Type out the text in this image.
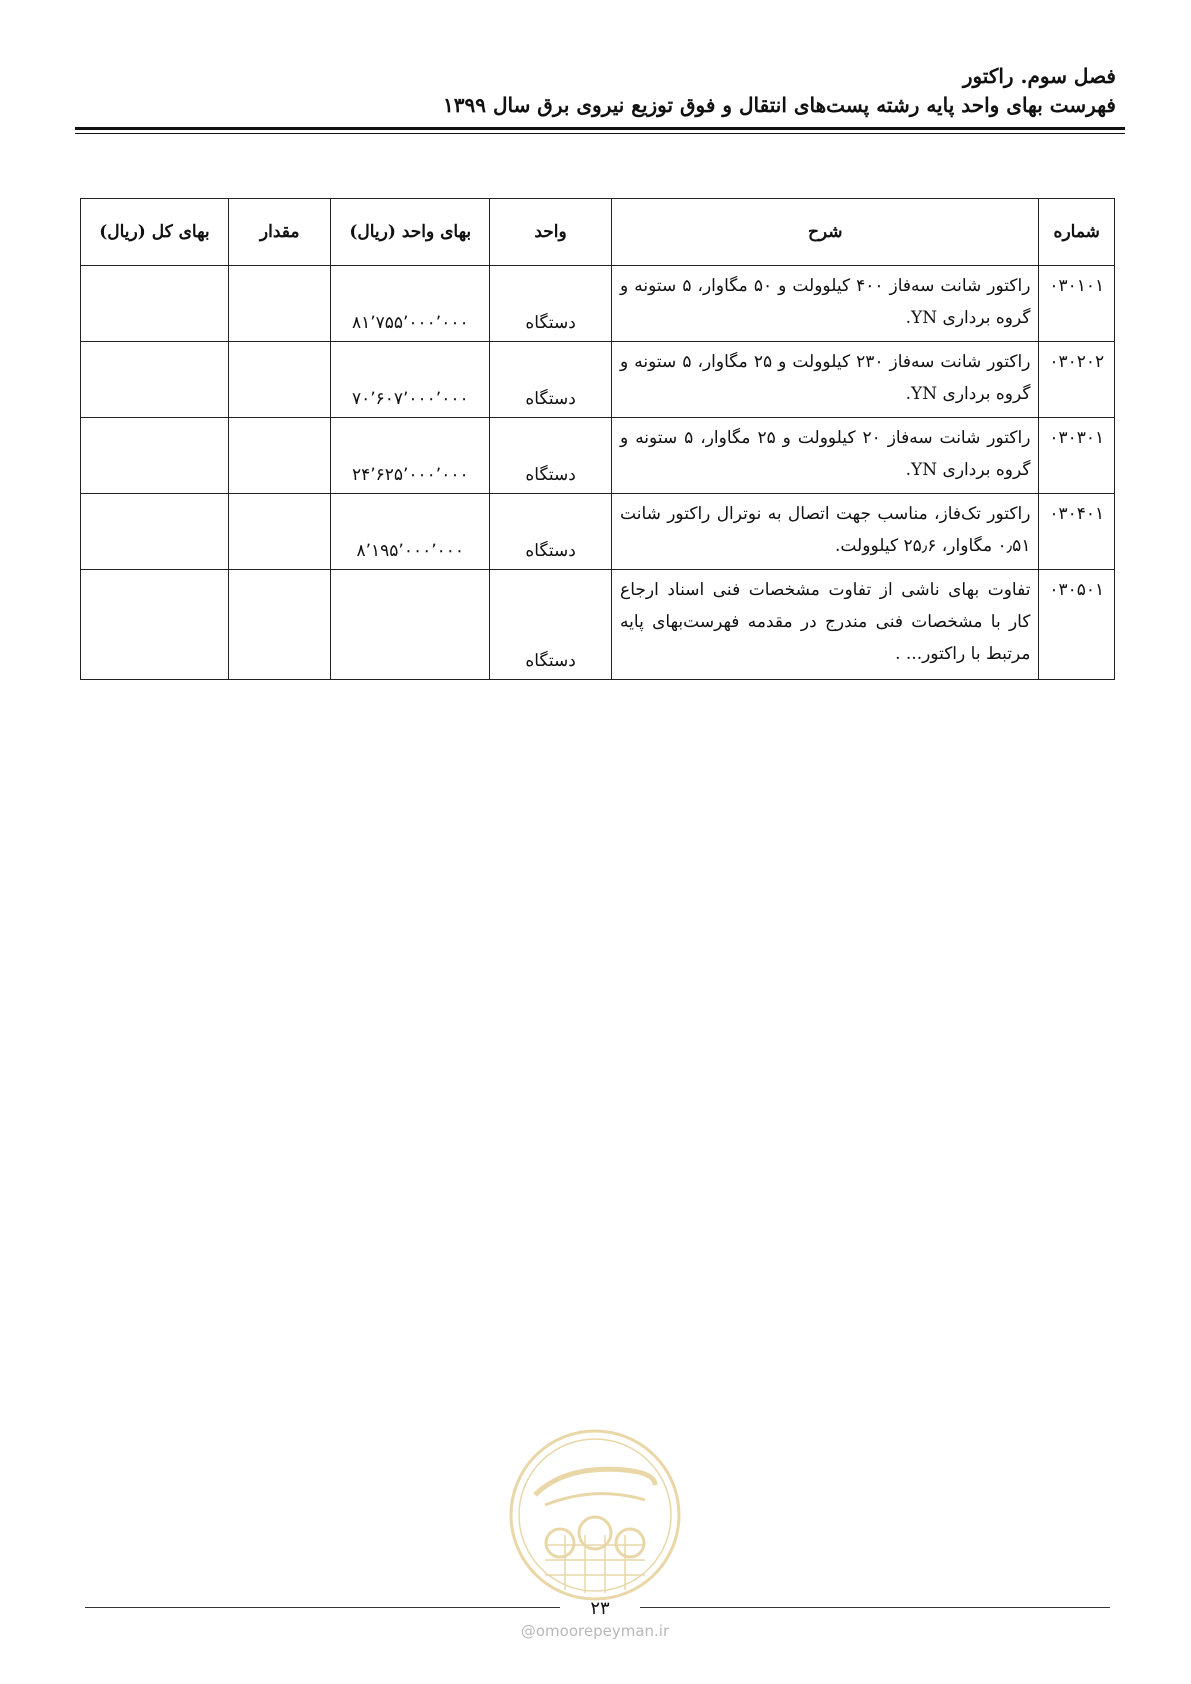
فصل سوم. راکتور
فهرست بهای واحد پایه رشته پست‌های انتقال و فوق توزیع نیروی برق سال ۱۳۹۹
شماره	شرح	واحد	بهای واحد (ریال)	مقدار	بهای کل (ریال)
۰۳۰۱۰۱	راکتور شانت سه‌فاز ۴۰۰ کیلوولت و ۵۰ مگاوار، ۵ ستونه و گروه برداری YN.	دستگاه	۸۱٬۷۵۵٬۰۰۰٬۰۰۰		
۰۳۰۲۰۲	راکتور شانت سه‌فاز ۲۳۰ کیلوولت و ۲۵ مگاوار، ۵ ستونه و گروه برداری YN.	دستگاه	۷۰٬۶۰۷٬۰۰۰٬۰۰۰		
۰۳۰۳۰۱	راکتور شانت سه‌فاز ۲۰ کیلوولت و ۲۵ مگاوار، ۵ ستونه و گروه برداری YN.	دستگاه	۲۴٬۶۲۵٬۰۰۰٬۰۰۰		
۰۳۰۴۰۱	راکتور تک‌فاز، مناسب جهت اتصال به نوترال راکتور شانت ۰٫۵۱ مگاوار، ۲۵٫۶ کیلوولت.	دستگاه	۸٬۱۹۵٬۰۰۰٬۰۰۰		
۰۳۰۵۰۱	تفاوت بهای ناشی از تفاوت مشخصات فنی اسناد ارجاع کار با مشخصات فنی مندرج در مقدمه فهرست‌بهای پایه مرتبط با راکتور... .	دستگاه			
۲۳
@omoorepeyman.ir
